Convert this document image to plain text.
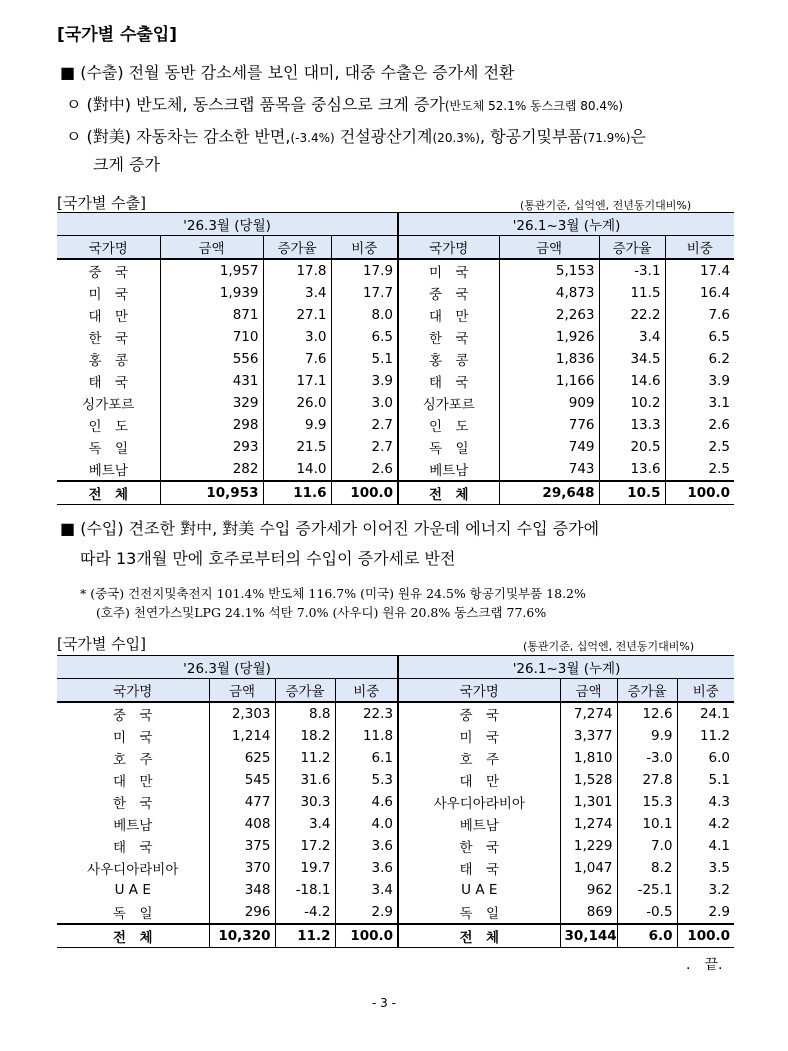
[국가별 수출입]
■ (수출) 전월 동반 감소세를 보인 대미, 대중 수출은 증가세 전환
ㅇ (對中) 반도체, 동스크랩 품목을 중심으로 크게 증가(반도체 52.1% 동스크랩 80.4%)
ㅇ (對美) 자동차는 감소한 반면,(-3.4%) 건설광산기계(20.3%), 항공기및부품(71.9%)은
크게 증가
[국가별 수출]	(통관기준, 십억엔, 전년동기대비%)
'26.3월 (당월)				'26.1~3월 (누계)			
국가명	금액	증가율	비중	국가명	금액	증가율	비중
중　국	1,957	17.8	17.9	미　국	5,153	-3.1	17.4
미　국	1,939	3.4	17.7	중　국	4,873	11.5	16.4
대　만	871	27.1	8.0	대　만	2,263	22.2	7.6
한　국	710	3.0	6.5	한　국	1,926	3.4	6.5
홍　콩	556	7.6	5.1	홍　콩	1,836	34.5	6.2
태　국	431	17.1	3.9	태　국	1,166	14.6	3.9
싱가포르	329	26.0	3.0	싱가포르	909	10.2	3.1
인　도	298	9.9	2.7	인　도	776	13.3	2.6
독　일	293	21.5	2.7	독　일	749	20.5	2.5
베트남	282	14.0	2.6	베트남	743	13.6	2.5
전　체	10,953	11.6	100.0	전　체	29,648	10.5	100.0
■ (수입) 견조한 對中, 對美 수입 증가세가 이어진 가운데 에너지 수입 증가에
따라 13개월 만에 호주로부터의 수입이 증가세로 반전
* (중국) 건전지및축전지 101.4% 반도체 116.7% (미국) 원유 24.5% 항공기및부품 18.2%
(호주) 천연가스및LPG 24.1% 석탄 7.0% (사우디) 원유 20.8% 동스크랩 77.6%
[국가별 수입]	(통관기준, 십억엔, 전년동기대비%)
'26.3월 (당월)				'26.1~3월 (누계)			
국가명	금액	증가율	비중	국가명	금액	증가율	비중
중　국	2,303	8.8	22.3	중　국	7,274	12.6	24.1
미　국	1,214	18.2	11.8	미　국	3,377	9.9	11.2
호　주	625	11.2	6.1	호　주	1,810	-3.0	6.0
대　만	545	31.6	5.3	대　만	1,528	27.8	5.1
한　국	477	30.3	4.6	사우디아라비아	1,301	15.3	4.3
베트남	408	3.4	4.0	베트남	1,274	10.1	4.2
태　국	375	17.2	3.6	한　국	1,229	7.0	4.1
사우디아라비아	370	19.7	3.6	태　국	1,047	8.2	3.5
U A E	348	-18.1	3.4	U A E	962	-25.1	3.2
독　일	296	-4.2	2.9	독　일	869	-0.5	2.9
전　체	10,320	11.2	100.0	전　체	30,144	6.0	100.0
.　끝.
- 3 -
